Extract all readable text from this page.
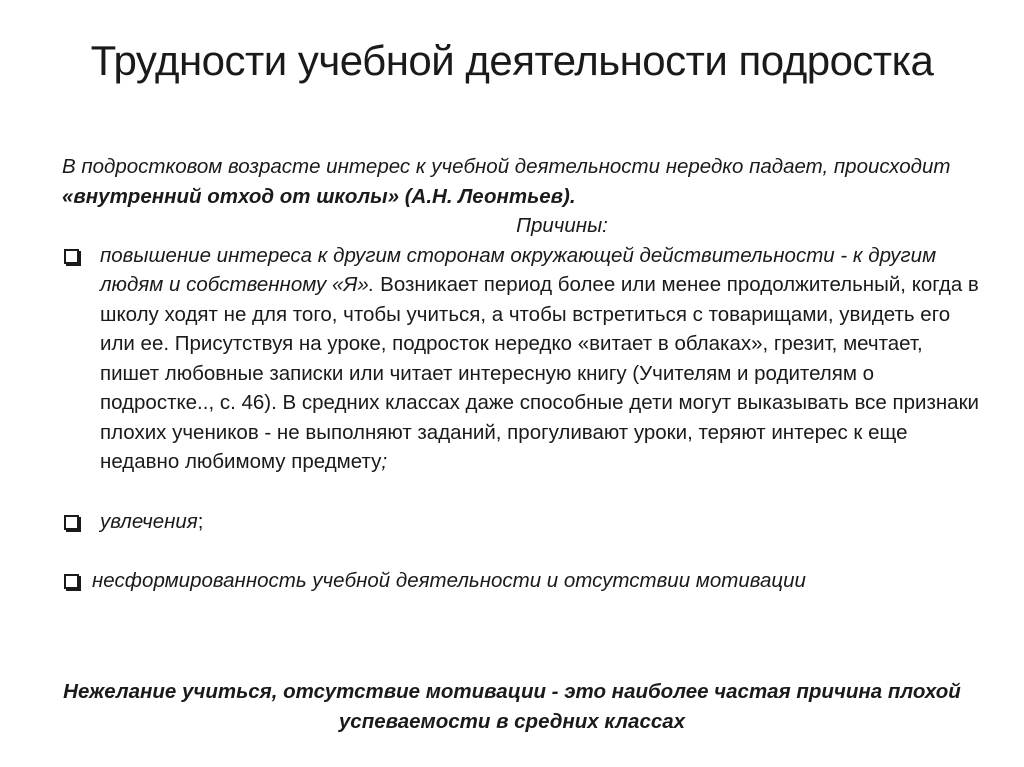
Трудности учебной деятельности подростка

В подростковом возрасте интерес к учебной деятельности нередко падает, происходит «внутренний отход от школы» (А.Н. Леонтьев).

Причины:

повышение интереса к другим сторонам окружающей действительности - к другим людям и собственному «Я». Возникает период более или менее продолжительный, когда в школу ходят не для того, чтобы учиться, а чтобы встретиться с товарищами, увидеть его или ее. Присутствуя на уроке, подросток нередко «витает в облаках», грезит, мечтает, пишет любовные записки или читает интересную книгу (Учителям и родителям о подростке.., с. 46). В средних классах даже способные дети могут выказывать все признаки плохих учеников - не выполняют заданий, прогуливают уроки, теряют интерес к еще недавно любимому предмету;
увлечения;
несформированность учебной деятельности и отсутствии мотивации
Нежелание учиться, отсутствие мотивации - это наиболее частая причина плохой успеваемости в средних классах
